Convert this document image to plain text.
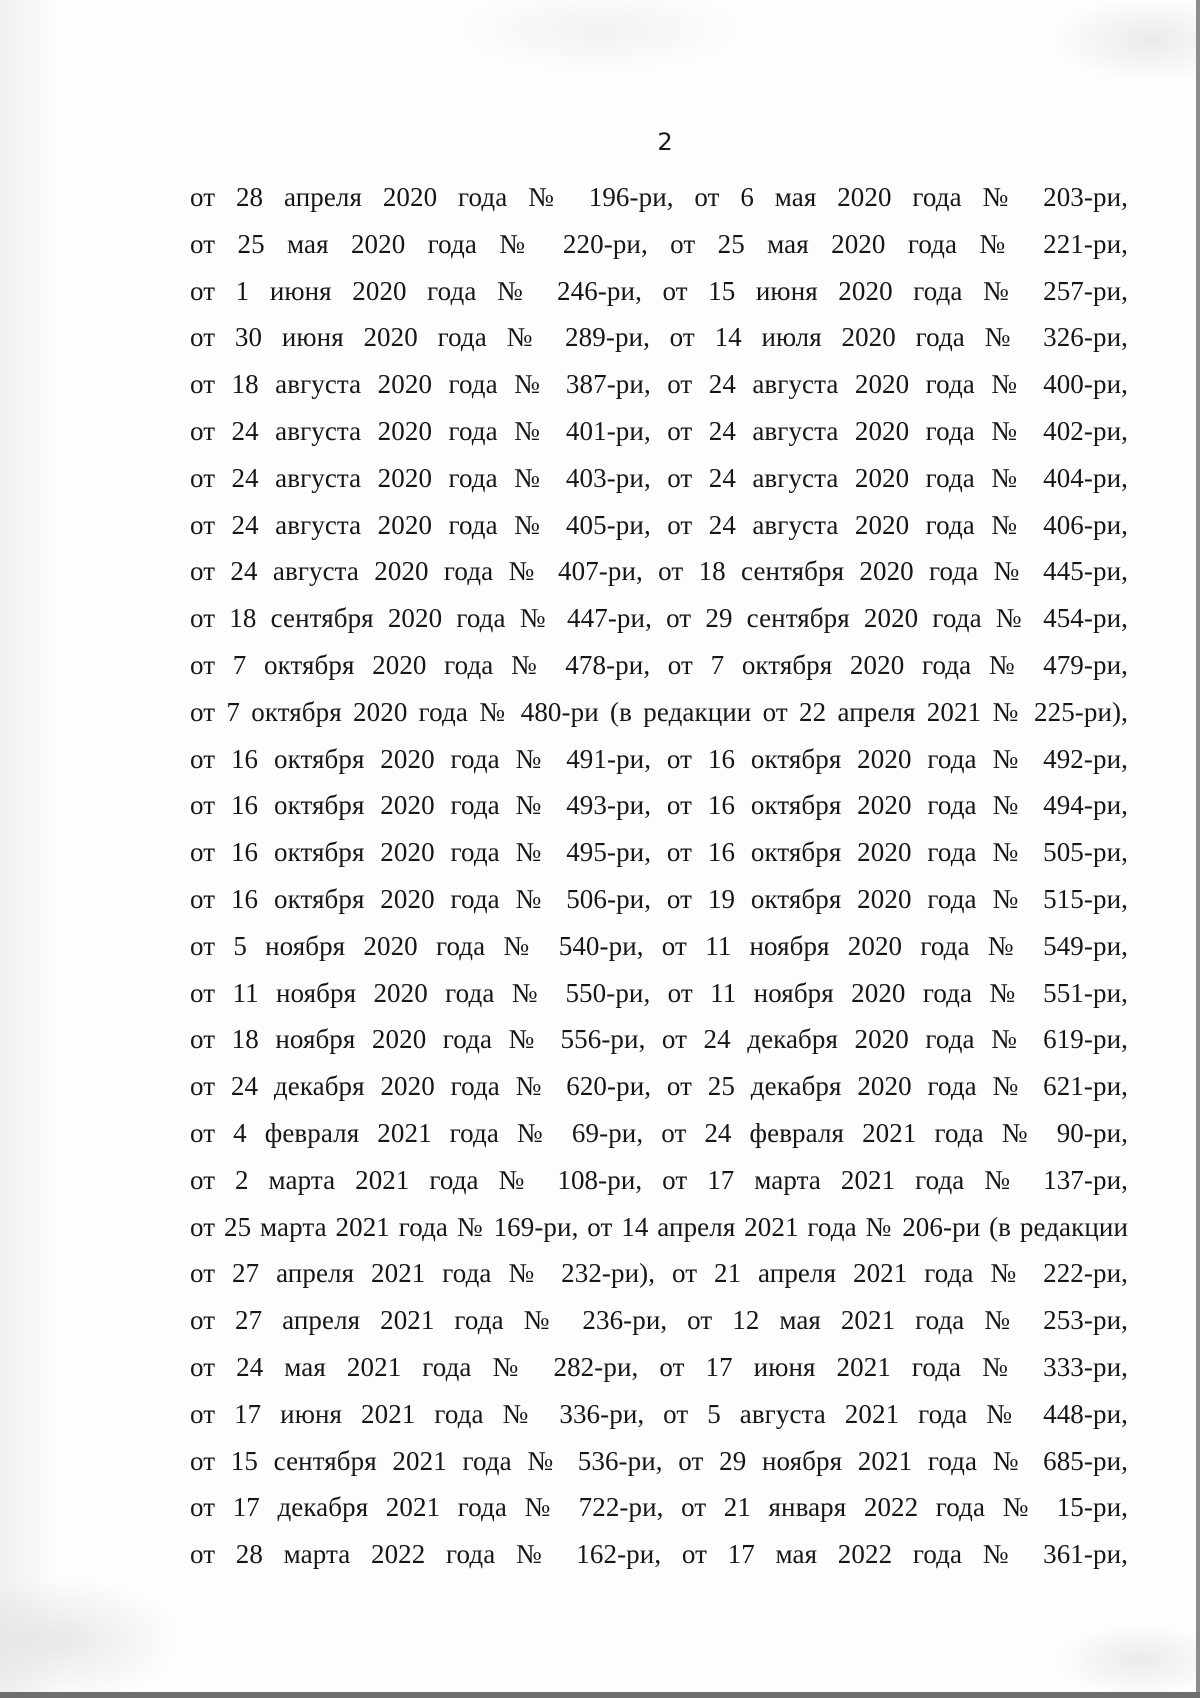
2
от 28 апреля 2020 года № 196-ри, от 6 мая 2020 года № 203-ри,
от 25 мая 2020 года № 220-ри, от 25 мая 2020 года № 221-ри,
от 1 июня 2020 года № 246-ри, от 15 июня 2020 года № 257-ри,
от 30 июня 2020 года № 289-ри, от 14 июля 2020 года № 326-ри,
от 18 августа 2020 года № 387-ри, от 24 августа 2020 года № 400-ри,
от 24 августа 2020 года № 401-ри, от 24 августа 2020 года № 402-ри,
от 24 августа 2020 года № 403-ри, от 24 августа 2020 года № 404-ри,
от 24 августа 2020 года № 405-ри, от 24 августа 2020 года № 406-ри,
от 24 августа 2020 года № 407-ри, от 18 сентября 2020 года № 445-ри,
от 18 сентября 2020 года № 447-ри, от 29 сентября 2020 года № 454-ри,
от 7 октября 2020 года № 478-ри, от 7 октября 2020 года № 479-ри,
от 7 октября 2020 года № 480-ри (в редакции от 22 апреля 2021 № 225-ри),
от 16 октября 2020 года № 491-ри, от 16 октября 2020 года № 492-ри,
от 16 октября 2020 года № 493-ри, от 16 октября 2020 года № 494-ри,
от 16 октября 2020 года № 495-ри, от 16 октября 2020 года № 505-ри,
от 16 октября 2020 года № 506-ри, от 19 октября 2020 года № 515-ри,
от 5 ноября 2020 года № 540-ри, от 11 ноября 2020 года № 549-ри,
от 11 ноября 2020 года № 550-ри, от 11 ноября 2020 года № 551-ри,
от 18 ноября 2020 года № 556-ри, от 24 декабря 2020 года № 619-ри,
от 24 декабря 2020 года № 620-ри, от 25 декабря 2020 года № 621-ри,
от 4 февраля 2021 года № 69-ри, от 24 февраля 2021 года № 90-ри,
от 2 марта 2021 года № 108-ри, от 17 марта 2021 года № 137-ри,
от 25 марта 2021 года № 169-ри, от 14 апреля 2021 года № 206-ри (в редакции
от 27 апреля 2021 года № 232-ри), от 21 апреля 2021 года № 222-ри,
от 27 апреля 2021 года № 236-ри, от 12 мая 2021 года № 253-ри,
от 24 мая 2021 года № 282-ри, от 17 июня 2021 года № 333-ри,
от 17 июня 2021 года № 336-ри, от 5 августа 2021 года № 448-ри,
от 15 сентября 2021 года № 536-ри, от 29 ноября 2021 года № 685-ри,
от 17 декабря 2021 года № 722-ри, от 21 января 2022 года № 15-ри,
от 28 марта 2022 года № 162-ри, от 17 мая 2022 года № 361-ри,
